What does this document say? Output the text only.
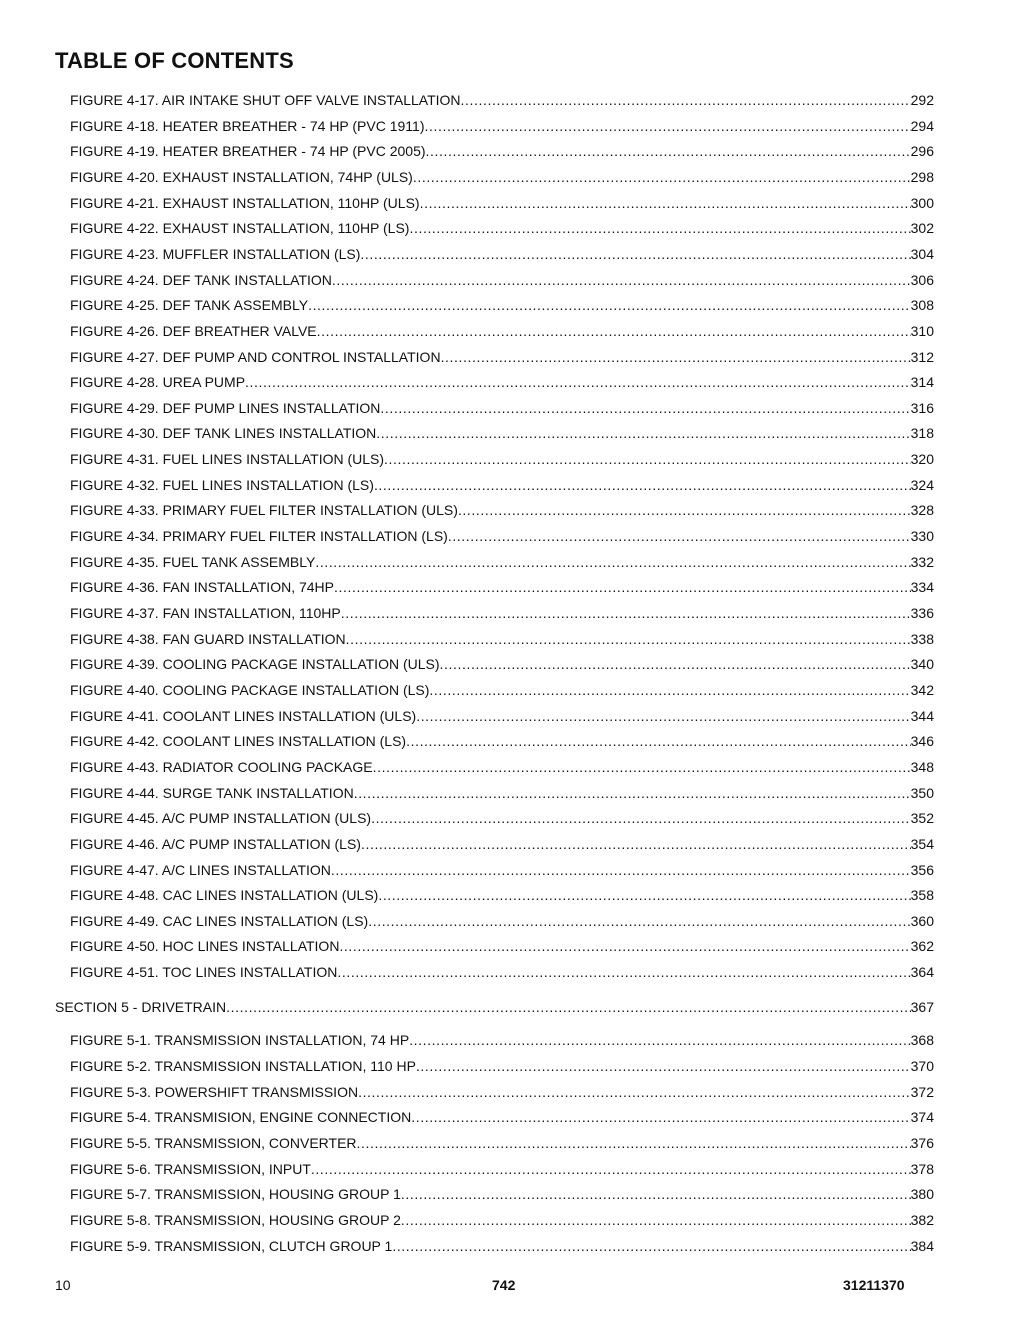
TABLE OF CONTENTS
FIGURE 4-17. AIR INTAKE SHUT OFF VALVE INSTALLATION .....	292
FIGURE 4-18. HEATER BREATHER - 74 HP (PVC 1911) .....	294
FIGURE 4-19. HEATER BREATHER - 74 HP (PVC 2005) .....	296
FIGURE 4-20. EXHAUST INSTALLATION, 74HP (ULS) .....	298
FIGURE 4-21. EXHAUST INSTALLATION, 110HP (ULS) .....	300
FIGURE 4-22. EXHAUST INSTALLATION, 110HP (LS) .....	302
FIGURE 4-23. MUFFLER INSTALLATION (LS) .....	304
FIGURE 4-24. DEF TANK INSTALLATION .....	306
FIGURE 4-25. DEF TANK ASSEMBLY .....	308
FIGURE 4-26. DEF BREATHER VALVE .....	310
FIGURE 4-27. DEF PUMP AND CONTROL INSTALLATION .....	312
FIGURE 4-28. UREA PUMP .....	314
FIGURE 4-29. DEF PUMP LINES INSTALLATION .....	316
FIGURE 4-30. DEF TANK LINES INSTALLATION .....	318
FIGURE 4-31. FUEL LINES INSTALLATION (ULS) .....	320
FIGURE 4-32. FUEL LINES INSTALLATION (LS) .....	324
FIGURE 4-33. PRIMARY FUEL FILTER INSTALLATION (ULS) .....	328
FIGURE 4-34. PRIMARY FUEL FILTER INSTALLATION (LS) .....	330
FIGURE 4-35. FUEL TANK ASSEMBLY .....	332
FIGURE 4-36. FAN INSTALLATION, 74HP .....	334
FIGURE 4-37. FAN INSTALLATION, 110HP .....	336
FIGURE 4-38. FAN GUARD INSTALLATION .....	338
FIGURE 4-39. COOLING PACKAGE INSTALLATION (ULS) .....	340
FIGURE 4-40. COOLING PACKAGE INSTALLATION (LS) .....	342
FIGURE 4-41. COOLANT LINES INSTALLATION (ULS) .....	344
FIGURE 4-42. COOLANT LINES INSTALLATION (LS) .....	346
FIGURE 4-43. RADIATOR COOLING PACKAGE .....	348
FIGURE 4-44. SURGE TANK INSTALLATION .....	350
FIGURE 4-45. A/C PUMP INSTALLATION (ULS) .....	352
FIGURE 4-46. A/C PUMP INSTALLATION (LS) .....	354
FIGURE 4-47. A/C LINES INSTALLATION .....	356
FIGURE 4-48. CAC LINES INSTALLATION (ULS) .....	358
FIGURE 4-49. CAC LINES INSTALLATION (LS) .....	360
FIGURE 4-50. HOC LINES INSTALLATION .....	362
FIGURE 4-51. TOC LINES INSTALLATION .....	364
SECTION 5 - DRIVETRAIN .....	367
FIGURE 5-1. TRANSMISSION INSTALLATION, 74 HP .....	368
FIGURE 5-2. TRANSMISSION INSTALLATION, 110 HP .....	370
FIGURE 5-3. POWERSHIFT TRANSMISSION .....	372
FIGURE 5-4. TRANSMISION, ENGINE CONNECTION .....	374
FIGURE 5-5. TRANSMISSION, CONVERTER .....	376
FIGURE 5-6. TRANSMISSION, INPUT .....	378
FIGURE 5-7. TRANSMISSION, HOUSING GROUP 1 .....	380
FIGURE 5-8. TRANSMISSION, HOUSING GROUP 2 .....	382
FIGURE 5-9. TRANSMISSION, CLUTCH GROUP 1 .....	384
10	742	31211370
